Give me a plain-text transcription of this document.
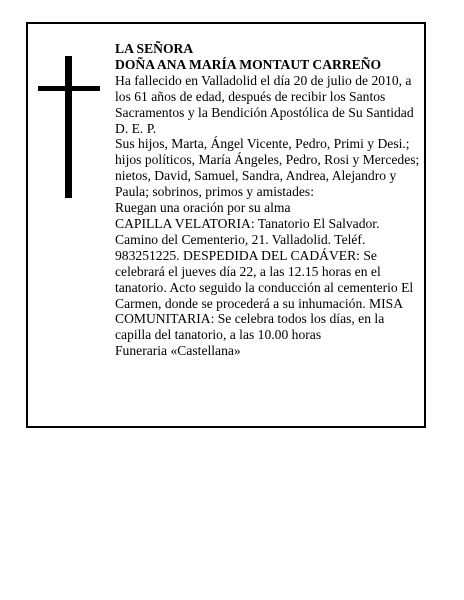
LA SEÑORA

DOÑA ANA MARÍA MONTAUT CARREÑO

Ha fallecido en Valladolid el día 20 de julio de 2010, a los 61 años de edad, después de recibir los Santos Sacramentos y la Bendición Apostólica de Su Santidad D. E. P.

Sus hijos, Marta, Ángel Vicente, Pedro, Primi y Desi.; hijos políticos, María Ángeles, Pedro, Rosi y Mercedes; nietos, David, Samuel, Sandra, Andrea, Alejandro y Paula; sobrinos, primos y amistades:

Ruegan una oración por su alma

CAPILLA VELATORIA: Tanatorio El Salvador. Camino del Cementerio, 21. Valladolid. Teléf. 983251225. DESPEDIDA DEL CADÁVER: Se celebrará el jueves día 22, a las 12.15 horas en el tanatorio. Acto seguido la conducción al cementerio El Carmen, donde se procederá a su inhumación. MISA COMUNITARIA: Se celebra todos los días, en la capilla del tanatorio, a las 10.00 horas

Funeraria «Castellana»
